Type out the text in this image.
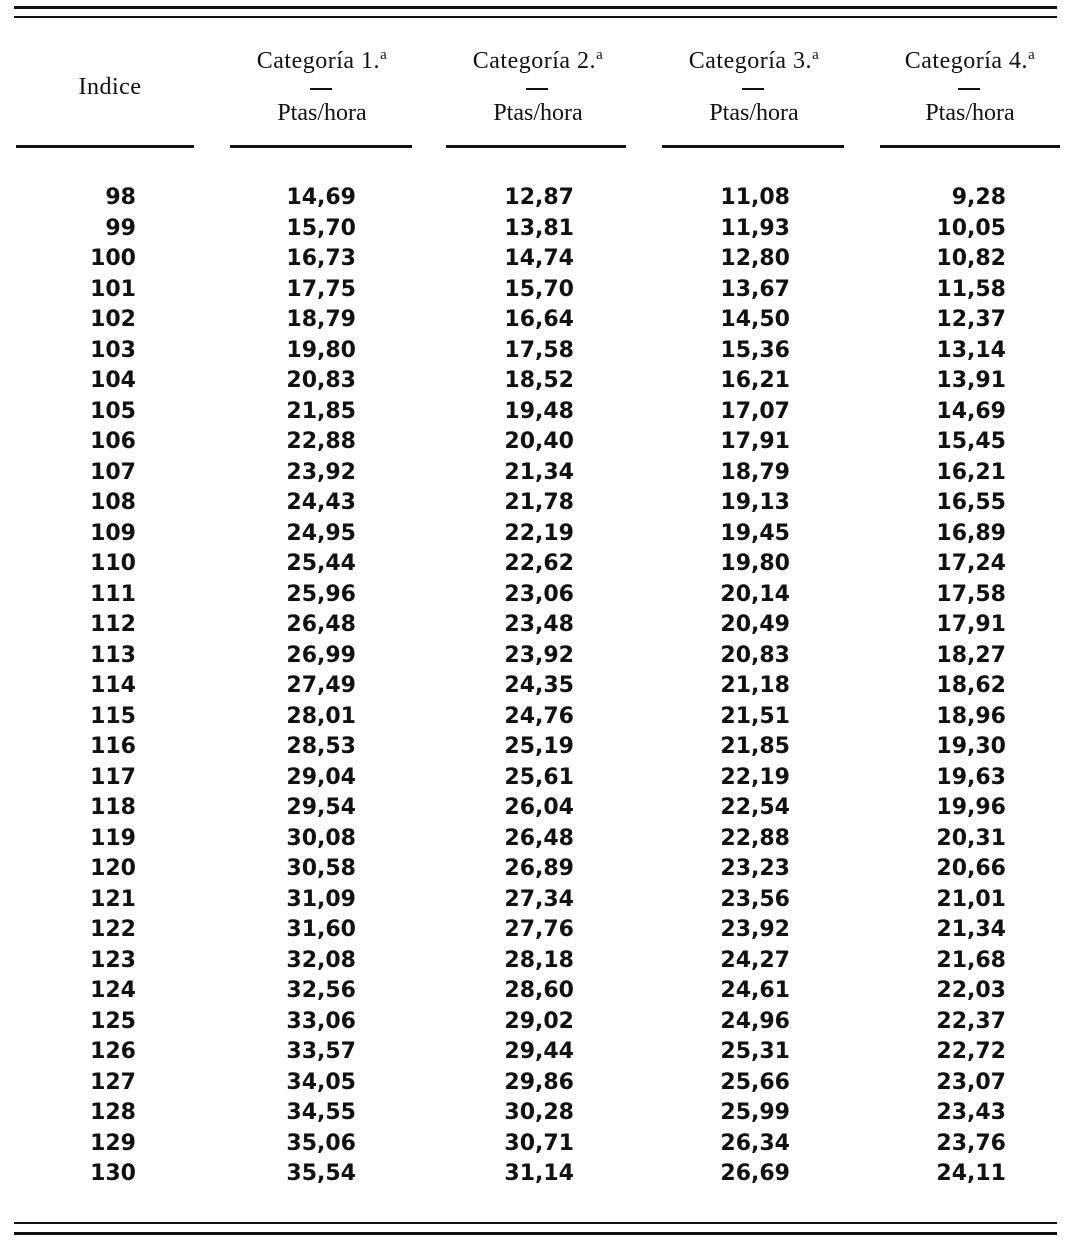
Indice
Categoría 1.$^a$	Categoría 2.$^a$	Categoría 3.$^a$	Categoría 4.$^a$
Ptas/hora	Ptas/hora	Ptas/hora	Ptas/hora
98	14,69	12,87	11,08	9,28
99	15,70	13,81	11,93	10,05
100	16,73	14,74	12,80	10,82
101	17,75	15,70	13,67	11,58
102	18,79	16,64	14,50	12,37
103	19,80	17,58	15,36	13,14
104	20,83	18,52	16,21	13,91
105	21,85	19,48	17,07	14,69
106	22,88	20,40	17,91	15,45
107	23,92	21,34	18,79	16,21
108	24,43	21,78	19,13	16,55
109	24,95	22,19	19,45	16,89
110	25,44	22,62	19,80	17,24
111	25,96	23,06	20,14	17,58
112	26,48	23,48	20,49	17,91
113	26,99	23,92	20,83	18,27
114	27,49	24,35	21,18	18,62
115	28,01	24,76	21,51	18,96
116	28,53	25,19	21,85	19,30
117	29,04	25,61	22,19	19,63
118	29,54	26,04	22,54	19,96
119	30,08	26,48	22,88	20,31
120	30,58	26,89	23,23	20,66
121	31,09	27,34	23,56	21,01
122	31,60	27,76	23,92	21,34
123	32,08	28,18	24,27	21,68
124	32,56	28,60	24,61	22,03
125	33,06	29,02	24,96	22,37
126	33,57	29,44	25,31	22,72
127	34,05	29,86	25,66	23,07
128	34,55	30,28	25,99	23,43
129	35,06	30,71	26,34	23,76
130	35,54	31,14	26,69	24,11
